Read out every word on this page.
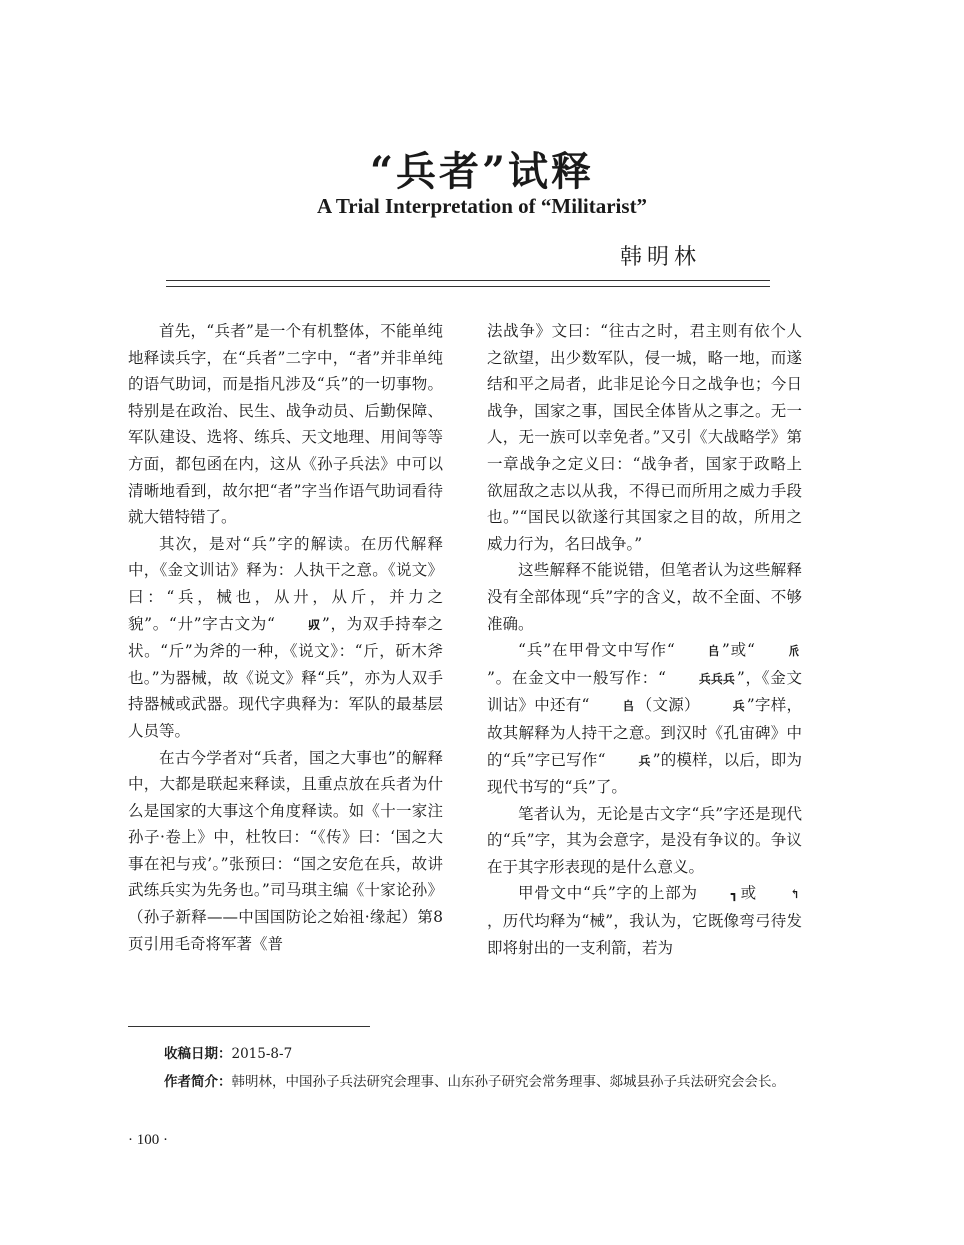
“兵者”试释
A Trial Interpretation of “Militarist”
韩明林

首先，“兵者”是一个有机整体，不能单纯地释读兵字，在“兵者”二字中，“者”并非单纯的语气助词，而是指凡涉及“兵”的一切事物。特别是在政治、民生、战争动员、后勤保障、军队建设、选将、练兵、天文地理、用间等等方面，都包函在内，这从《孙子兵法》中可以清晰地看到，故尔把“者”字当作语气助词看待就大错特错了。

其次，是对“兵”字的解读。在历代解释中，《金文训诂》释为：人执干之意。《说文》曰：“兵，械也，从廾，从斤，并力之貌”。“廾”字古文为“	𠬞 ”，为双手持奉之状。“斤”为斧的一种，《说文》：“斤，斫木斧也。”为器械，故《说文》释“兵”，亦为人双手持器械或武器。现代字典释为：军队的最基层人员等。

在古今学者对“兵者，国之大事也”的解释中，大都是联起来释读，且重点放在兵者为什么是国家的大事这个角度释读。如《十一家注孙子·卷上》中，杜牧曰：“《传》曰：‘国之大事在祀与戎’。”张预曰：“国之安危在兵，故讲武练兵实为先务也。”司马琪主编《十家论孙》（孙子新释——中国国防论之始祖·缘起）第8页引用毛奇将军著《普

法战争》文曰：“往古之时，君主则有依个人之欲望，出少数军队，侵一城，略一地，而遂结和平之局者，此非足论今日之战争也；今日战争，国家之事，国民全体皆从之事之。无一人，无一族可以幸免者。”又引《大战略学》第一章战争之定义曰：“战争者，国家于政略上欲屈敌之志以从我，不得已而所用之威力手段也。”“国民以欲遂行其国家之目的故，所用之威力行为，名曰战争。”

这些解释不能说错，但笔者认为这些解释没有全部体现“兵”字的含义，故不全面、不够准确。

“兵”在甲骨文中写作“	𠂤 ”或“	𠂢”。在金文中一般写作：“	兵兵兵 ”，《金文训诂》中还有“	𠂤 （文源）	兵 ”字样，故其解释为人持干之意。到汉时《孔宙碑》中的“兵”字已写作“	兵 ”的模样，以后，即为现代书写的“兵”了。

笔者认为，无论是古文字“兵”字还是现代的“兵”字，其为会意字，是没有争议的。争议在于其字形表现的是什么意义。

甲骨文中“兵”字的上部为	┓ 或	↰，历代均释为“械”，我认为，它既像弯弓待发即将射出的一支利箭，若为

收稿日期：2015-8-7
作者简介：韩明林，中国孙子兵法研究会理事、山东孙子研究会常务理事、郯城县孙子兵法研究会会长。
· 100 ·
